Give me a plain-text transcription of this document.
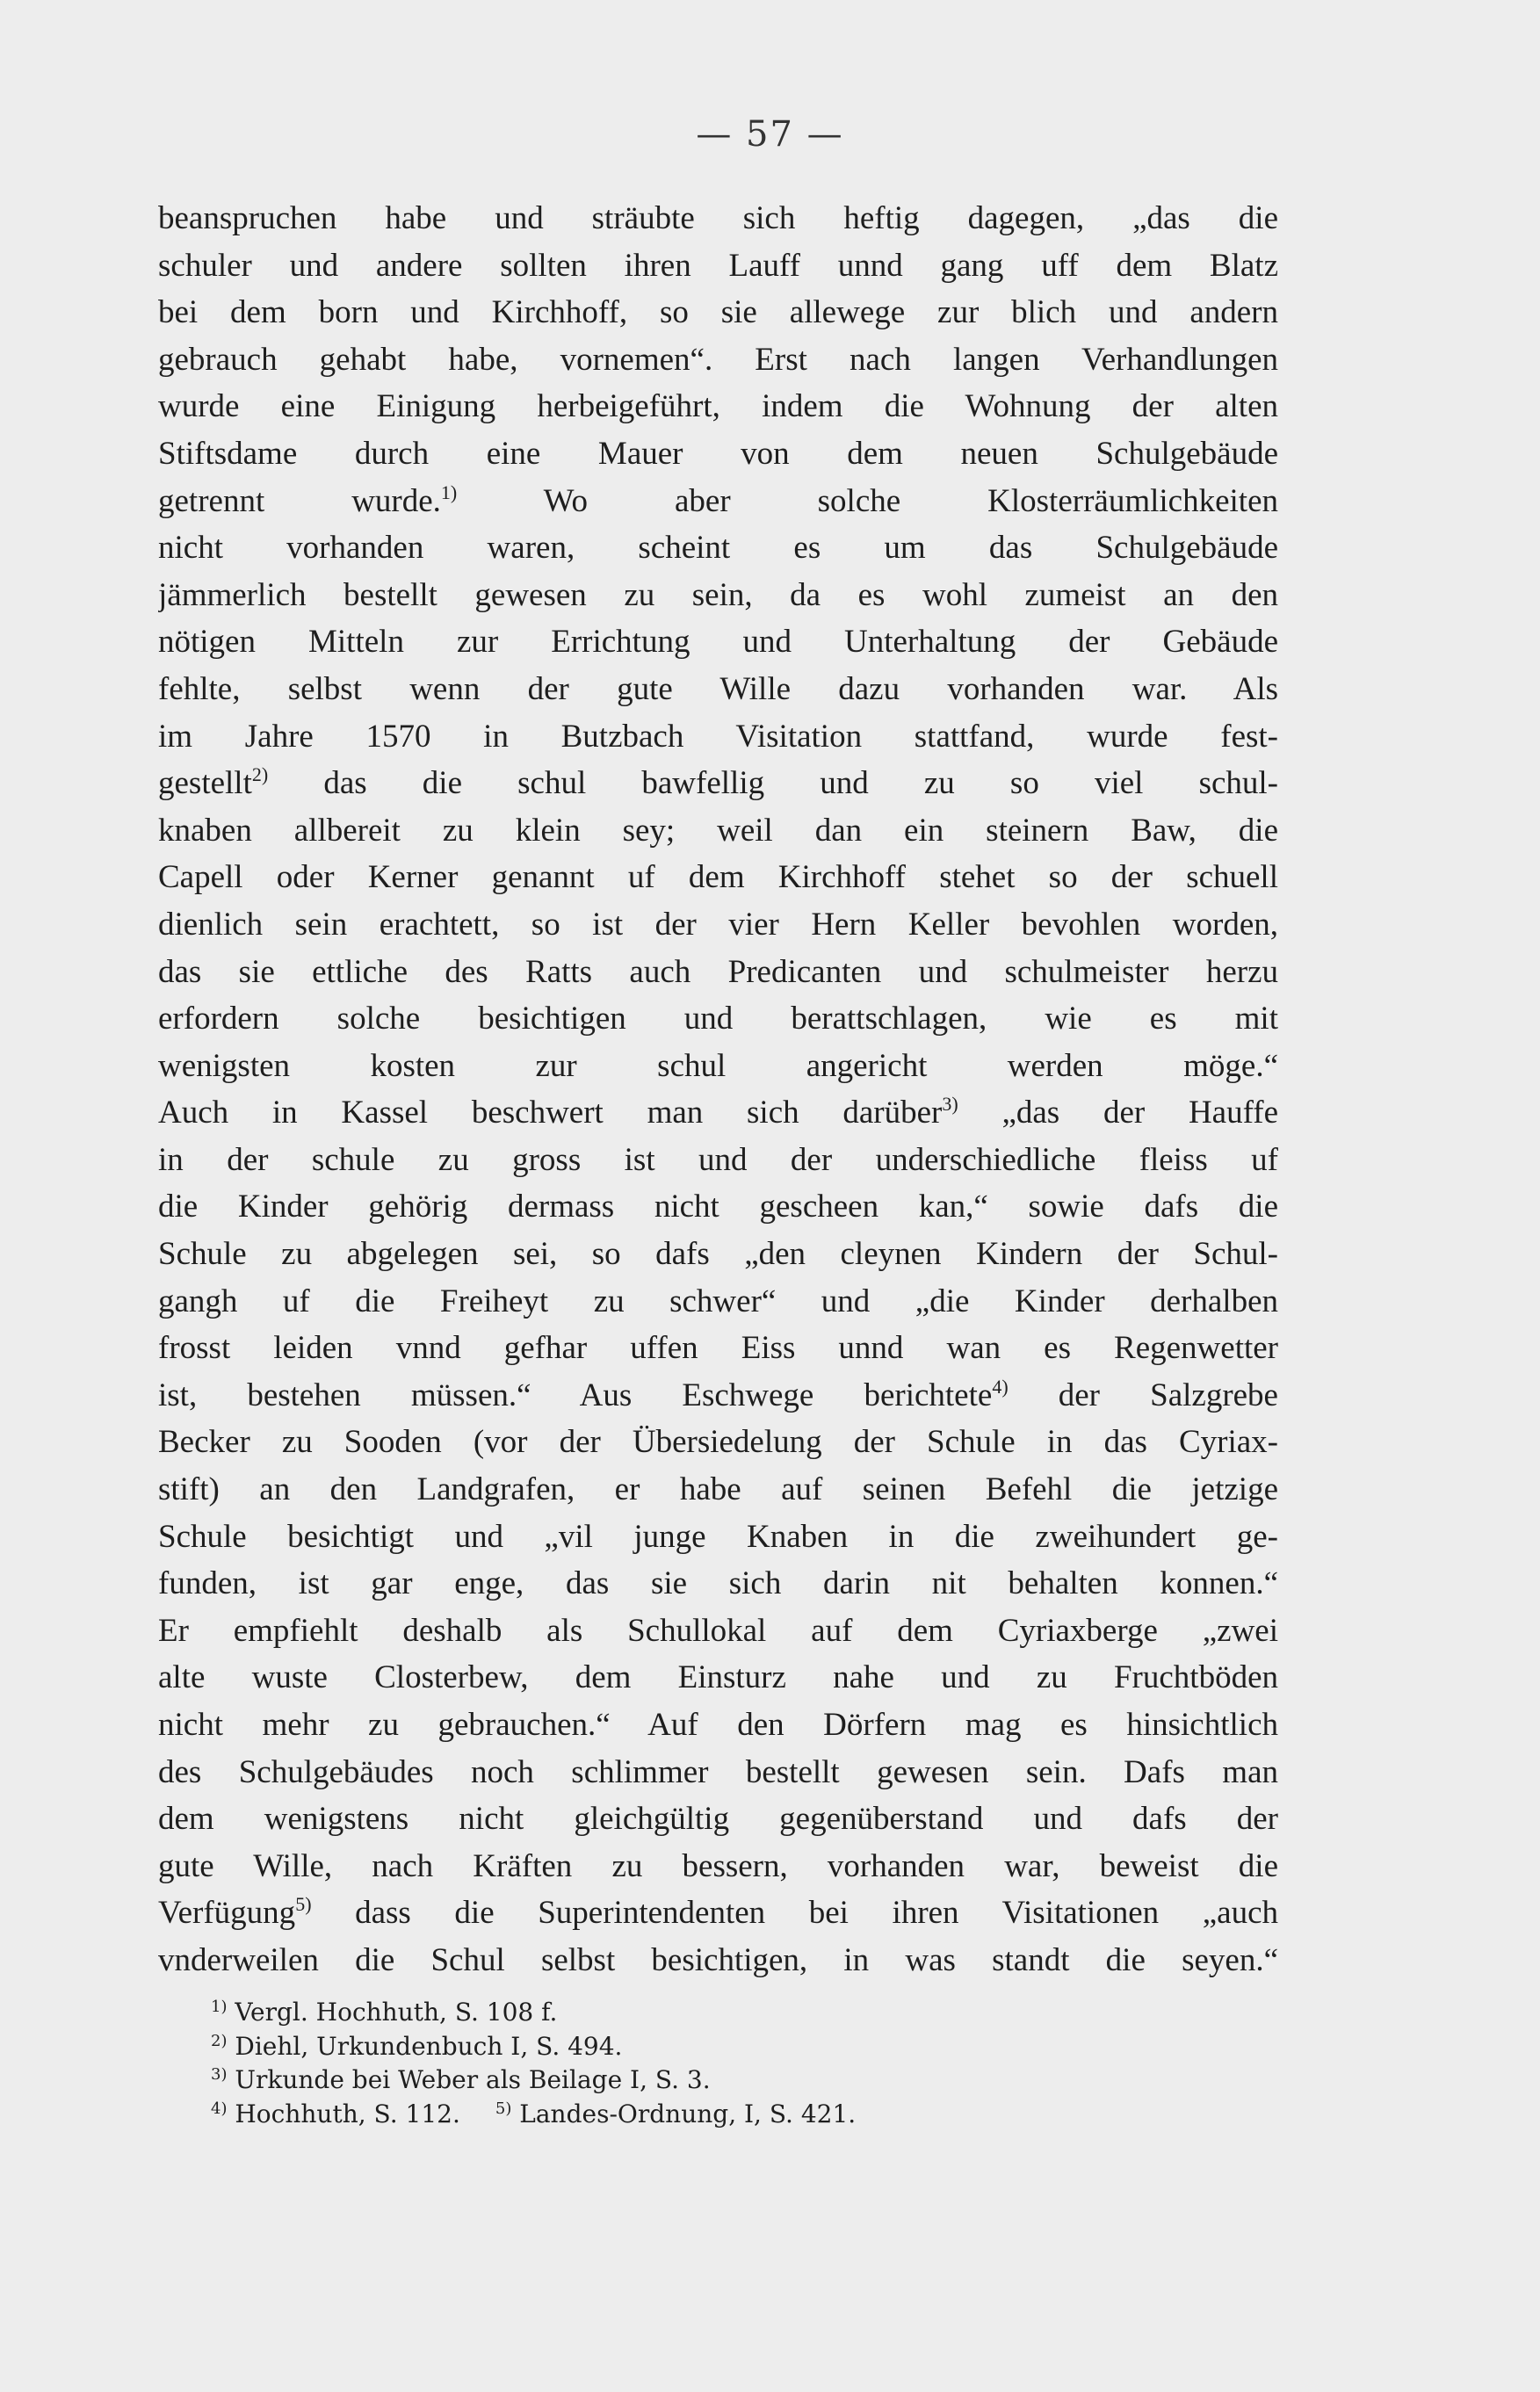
— 57 —
beanspruchen habe und sträubte sich heftig dagegen, „das die
schuler und andere sollten ihren Lauff unnd gang uff dem Blatz
bei dem born und Kirchhoff, so sie allewege zur blich und andern
gebrauch gehabt habe, vornemen“. Erst nach langen Verhandlungen
wurde eine Einigung herbeigeführt, indem die Wohnung der alten
Stiftsdame durch eine Mauer von dem neuen Schulgebäude
getrennt wurde.$^{1)}$ Wo aber solche Klosterräumlichkeiten
nicht vorhanden waren, scheint es um das Schulgebäude
jämmerlich bestellt gewesen zu sein, da es wohl zumeist an den
nötigen Mitteln zur Errichtung und Unterhaltung der Gebäude
fehlte, selbst wenn der gute Wille dazu vorhanden war. Als
im Jahre 1570 in Butzbach Visitation stattfand, wurde fest-
gestellt$^{2)}$ das die schul bawfellig und zu so viel schul-
knaben allbereit zu klein sey; weil dan ein steinern Baw, die
Capell oder Kerner genannt uf dem Kirchhoff stehet so der schuell
dienlich sein erachtett, so ist der vier Hern Keller bevohlen worden,
das sie ettliche des Ratts auch Predicanten und schulmeister herzu
erfordern solche besichtigen und berattschlagen, wie es mit
wenigsten kosten zur schul angericht werden möge.“
Auch in Kassel beschwert man sich darüber$^{3)}$ „das der Hauffe
in der schule zu gross ist und der underschiedliche fleiss uf
die Kinder gehörig dermass nicht gescheen kan,“ sowie dafs die
Schule zu abgelegen sei, so dafs „den cleynen Kindern der Schul-
gangh uf die Freiheyt zu schwer“ und „die Kinder derhalben
frosst leiden vnnd gefhar uffen Eiss unnd wan es Regenwetter
ist, bestehen müssen.“ Aus Eschwege berichtete$^{4)}$ der Salzgrebe
Becker zu Sooden (vor der Übersiedelung der Schule in das Cyriax-
stift) an den Landgrafen, er habe auf seinen Befehl die jetzige
Schule besichtigt und „vil junge Knaben in die zweihundert ge-
funden, ist gar enge, das sie sich darin nit behalten konnen.“
Er empfiehlt deshalb als Schullokal auf dem Cyriaxberge „zwei
alte wuste Closterbew, dem Einsturz nahe und zu Fruchtböden
nicht mehr zu gebrauchen.“ Auf den Dörfern mag es hinsichtlich
des Schulgebäudes noch schlimmer bestellt gewesen sein. Dafs man
dem wenigstens nicht gleichgültig gegenüberstand und dafs der
gute Wille, nach Kräften zu bessern, vorhanden war, beweist die
Verfügung$^{5)}$ dass die Superintendenten bei ihren Visitationen „auch
vnderweilen die Schul selbst besichtigen, in was standt die seyen.“
$^{1)}$ Vergl. Hochhuth, S. 108 f.
$^{2)}$ Diehl, Urkundenbuch I, S. 494.
$^{3)}$ Urkunde bei Weber als Beilage I, S. 3.
$^{4)}$ Hochhuth, S. 112. $^{5)}$ Landes-Ordnung, I, S. 421.
